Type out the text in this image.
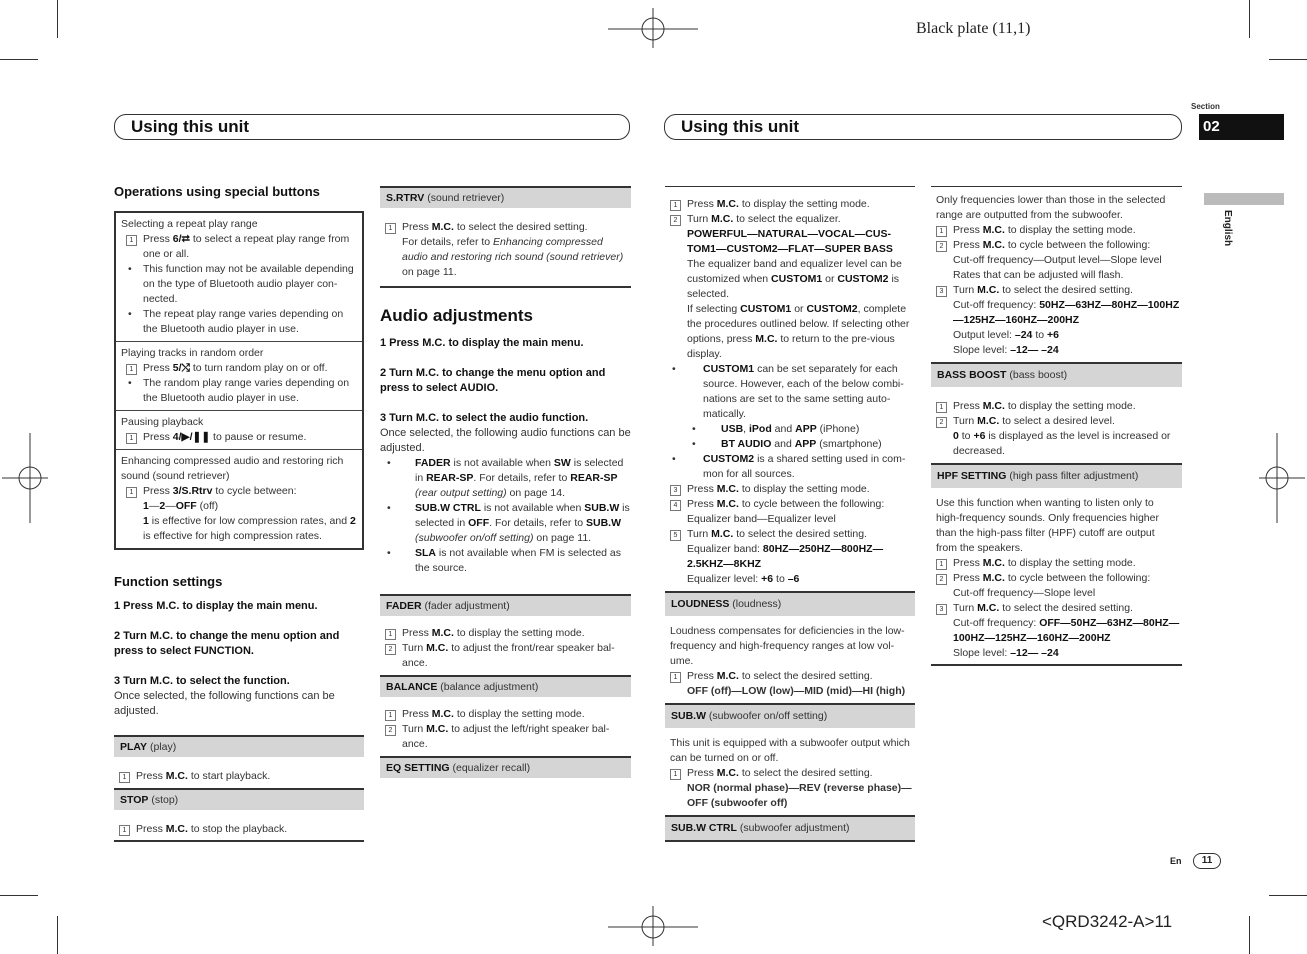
Black plate (11,1)
<QRD3242-A>11
Section
02
English
En	11
Using this unit	Using this unit
Operations using special buttons
Selecting a repeat play range
1 Press 6/⮂ to select a repeat play range from one or all.
• This function may not be available depending on the type of Bluetooth audio player con-nected.
• The repeat play range varies depending on the Bluetooth audio player in use.
Playing tracks in random order
1 Press 5/⤭ to turn random play on or off.
• The random play range varies depending on the Bluetooth audio player in use.
Pausing playback
1 Press 4/▶/❚❚ to pause or resume.
Enhancing compressed audio and restoring rich sound (sound retriever)
1 Press 3/S.Rtrv to cycle between:
1—2—OFF (off)
1 is effective for low compression rates, and 2 is effective for high compression rates.
Function settings
1 Press M.C. to display the main menu.
2 Turn M.C. to change the menu option and press to select FUNCTION.
3 Turn M.C. to select the function.
Once selected, the following functions can be adjusted.
PLAY (play)
1 Press M.C. to start playback.
STOP (stop)
1 Press M.C. to stop the playback.
S.RTRV (sound retriever)
1 Press M.C. to select the desired setting.
For details, refer to Enhancing compressed audio and restoring rich sound (sound retriever) on page 11.
Audio adjustments
1 Press M.C. to display the main menu.
2 Turn M.C. to change the menu option and press to select AUDIO.
3 Turn M.C. to select the audio function.
Once selected, the following audio functions can be adjusted.
• FADER is not available when SW is selected in REAR-SP. For details, refer to REAR-SP (rear output setting) on page 14.
• SUB.W CTRL is not available when SUB.W is selected in OFF. For details, refer to SUB.W (subwoofer on/off setting) on page 11.
• SLA is not available when FM is selected as the source.
FADER (fader adjustment)
1 Press M.C. to display the setting mode.
2 Turn M.C. to adjust the front/rear speaker bal-ance.
BALANCE (balance adjustment)
1 Press M.C. to display the setting mode.
2 Turn M.C. to adjust the left/right speaker bal-ance.
EQ SETTING (equalizer recall)
1 Press M.C. to display the setting mode.
2 Turn M.C. to select the equalizer.
POWERFUL—NATURAL—VOCAL—CUS-TOM1—CUSTOM2—FLAT—SUPER BASS
The equalizer band and equalizer level can be customized when CUSTOM1 or CUSTOM2 is selected.
If selecting CUSTOM1 or CUSTOM2, complete the procedures outlined below. If selecting other options, press M.C. to return to the pre-vious display.
• CUSTOM1 can be set separately for each source. However, each of the below combi-nations are set to the same setting auto-matically.
• USB, iPod and APP (iPhone)
• BT AUDIO and APP (smartphone)
• CUSTOM2 is a shared setting used in com-mon for all sources.
3 Press M.C. to display the setting mode.
4 Press M.C. to cycle between the following:
Equalizer band—Equalizer level
5 Turn M.C. to select the desired setting.
Equalizer band: 80HZ—250HZ—800HZ—2.5KHZ—8KHZ
Equalizer level: +6 to –6
LOUDNESS (loudness)
Loudness compensates for deficiencies in the low-frequency and high-frequency ranges at low vol-ume.
1 Press M.C. to select the desired setting.
OFF (off)—LOW (low)—MID (mid)—HI (high)
SUB.W (subwoofer on/off setting)
This unit is equipped with a subwoofer output which can be turned on or off.
1 Press M.C. to select the desired setting.
NOR (normal phase)—REV (reverse phase)—OFF (subwoofer off)
SUB.W CTRL (subwoofer adjustment)
Only frequencies lower than those in the selected range are outputted from the subwoofer.
1 Press M.C. to display the setting mode.
2 Press M.C. to cycle between the following:
Cut-off frequency—Output level—Slope level
Rates that can be adjusted will flash.
3 Turn M.C. to select the desired setting.
Cut-off frequency: 50HZ—63HZ—80HZ—100HZ—125HZ—160HZ—200HZ
Output level: –24 to +6
Slope level: –12— –24
BASS BOOST (bass boost)
1 Press M.C. to display the setting mode.
2 Turn M.C. to select a desired level.
0 to +6 is displayed as the level is increased or decreased.
HPF SETTING (high pass filter adjustment)
Use this function when wanting to listen only to high-frequency sounds. Only frequencies higher than the high-pass filter (HPF) cutoff are output from the speakers.
1 Press M.C. to display the setting mode.
2 Press M.C. to cycle between the following:
Cut-off frequency—Slope level
3 Turn M.C. to select the desired setting.
Cut-off frequency: OFF—50HZ—63HZ—80HZ—100HZ—125HZ—160HZ—200HZ
Slope level: –12— –24
